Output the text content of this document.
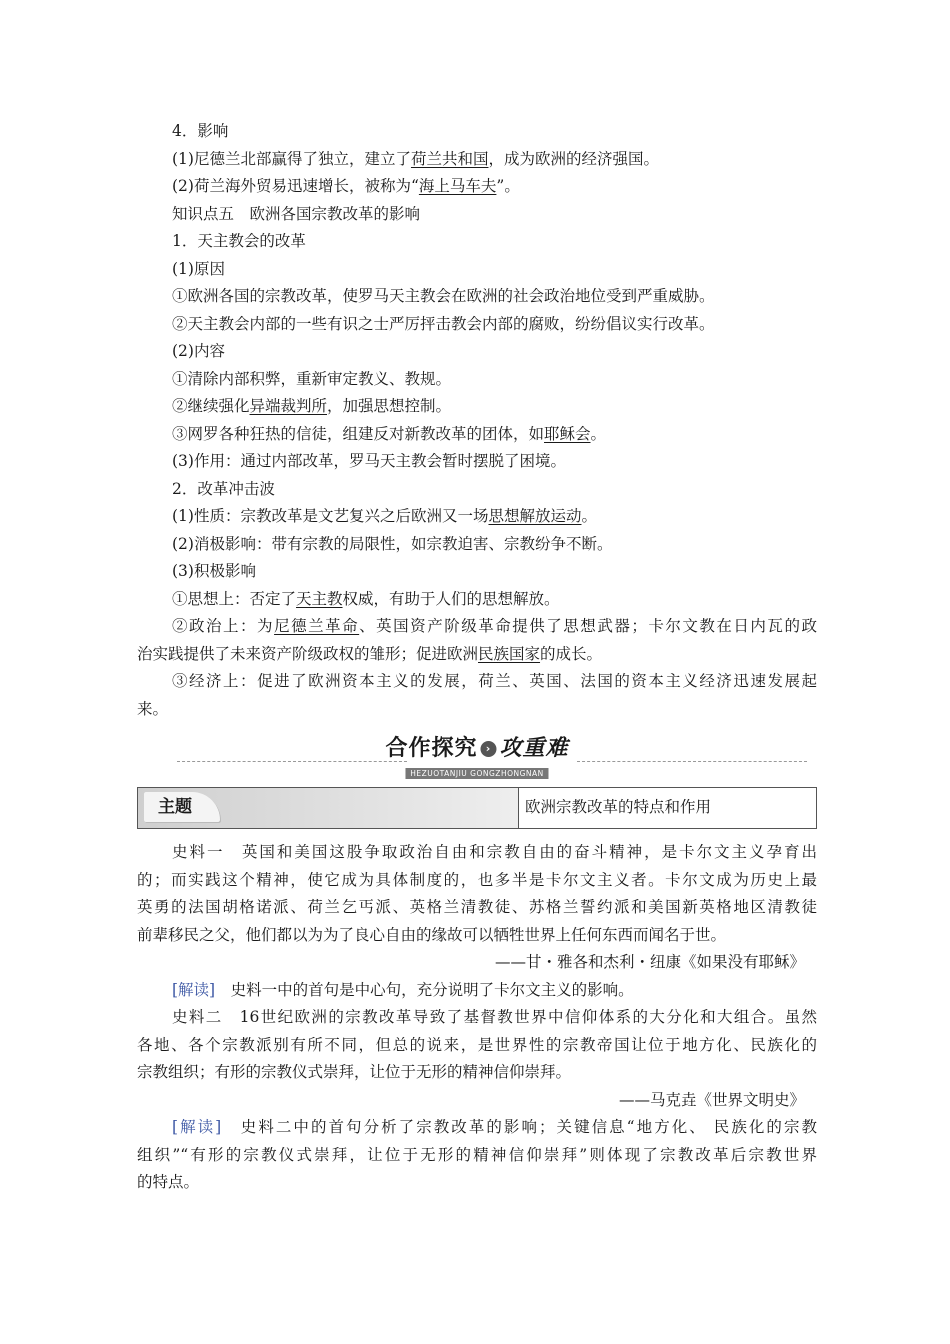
4．影响
(1)尼德兰北部赢得了独立，建立了荷兰共和国，成为欧洲的经济强国。
(2)荷兰海外贸易迅速增长，被称为“海上马车夫”。
知识点五　欧洲各国宗教改革的影响
1．天主教会的改革
(1)原因
①欧洲各国的宗教改革，使罗马天主教会在欧洲的社会政治地位受到严重威胁。
②天主教会内部的一些有识之士严厉抨击教会内部的腐败，纷纷倡议实行改革。
(2)内容
①清除内部积弊，重新审定教义、教规。
②继续强化异端裁判所，加强思想控制。
③网罗各种狂热的信徒，组建反对新教改革的团体，如耶稣会。
(3)作用：通过内部改革，罗马天主教会暂时摆脱了困境。
2．改革冲击波
(1)性质：宗教改革是文艺复兴之后欧洲又一场思想解放运动。
(2)消极影响：带有宗教的局限性，如宗教迫害、宗教纷争不断。
(3)积极影响
①思想上：否定了天主教权威，有助于人们的思想解放。
②政治上：为尼德兰革命、英国资产阶级革命提供了思想武器；卡尔文教在日内瓦的政
治实践提供了未来资产阶级政权的雏形；促进欧洲民族国家的成长。
③经济上：促进了欧洲资本主义的发展，荷兰、英国、法国的资本主义经济迅速发展起
来。
合作探究 › 攻重难
HEZUOTANJIU GONGZHONGNAN
主题	欧洲宗教改革的特点和作用
史料一　英国和美国这股争取政治自由和宗教自由的奋斗精神，是卡尔文主义孕育出
的；而实践这个精神，使它成为具体制度的，也多半是卡尔文主义者。卡尔文成为历史上最
英勇的法国胡格诺派、荷兰乞丐派、英格兰清教徒、苏格兰誓约派和美国新英格地区清教徒
前辈移民之父，他们都以为为了良心自由的缘故可以牺牲世界上任何东西而闻名于世。
——甘・雅各和杰利・纽康《如果没有耶稣》
[解读]　史料一中的首句是中心句，充分说明了卡尔文主义的影响。
史料二　16世纪欧洲的宗教改革导致了基督教世界中信仰体系的大分化和大组合。虽然
各地、各个宗教派别有所不同，但总的说来，是世界性的宗教帝国让位于地方化、民族化的
宗教组织；有形的宗教仪式崇拜，让位于无形的精神信仰崇拜。
——马克垚《世界文明史》
[解读]　史料二中的首句分析了宗教改革的影响；关键信息“地方化、 民族化的宗教
组织”“有形的宗教仪式崇拜，让位于无形的精神信仰崇拜”则体现了宗教改革后宗教世界
的特点。
